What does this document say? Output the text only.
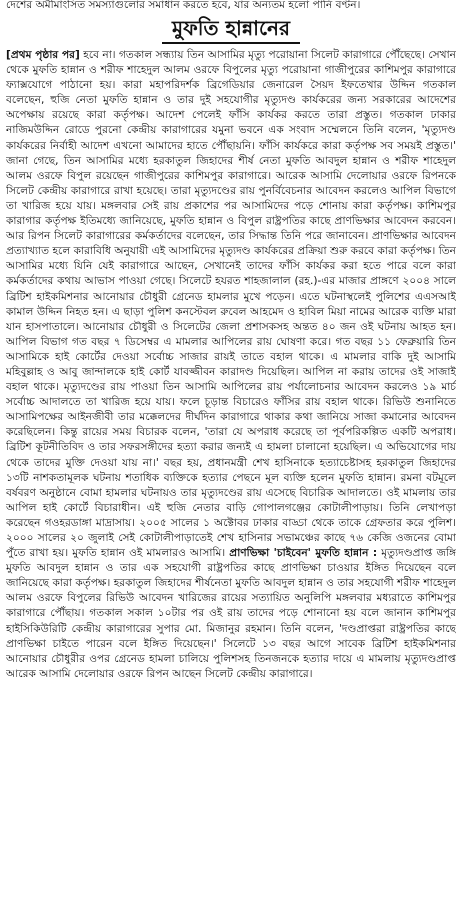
দেশের অমীমাংসিত সমস্যাগুলোর সমাধান করতে হবে, যার অন্যতম হলো পানি বণ্টন।
মুফতি হান্নানের

[প্রথম পৃষ্ঠার পর] হবে না। গতকাল সন্ধ্যায় তিন আসামির মৃত্যু পরোয়ানা সিলেট কারাগারে পৌঁছেছে। সেখান থেকে মুফতি হান্নান ও শরীফ শাহেদুল আলম ওরফে বিপুলের মৃত্যু পরোয়ানা গাজীপুরের কাশিমপুর কারাগারে ফ্যাক্সযোগে পাঠানো হয়। কারা মহাপরিদর্শক ব্রিগেডিয়ার জেনারেল সৈয়দ ইফতেখার উদ্দিন গতকাল বলেছেন, হুজি নেতা মুফতি হান্নান ও তার দুই সহযোগীর মৃত্যুদণ্ড কার্যকরের জন্য সরকারের আদেশের অপেক্ষায় রয়েছে কারা কর্তৃপক্ষ। আদেশ পেলেই ফাঁসি কার্যকর করতে তারা প্রস্তুত। গতকাল ঢাকার নাজিমউদ্দিন রোডে পুরনো কেন্দ্রীয় কারাগারের যমুনা ভবনে এক সংবাদ সম্মেলনে তিনি বলেন, 'মৃত্যুদণ্ড কার্যকরের নির্বাহী আদেশ এখনো আমাদের হাতে পৌঁছায়নি। ফাঁসি কার্যকরে কারা কর্তৃপক্ষ সব সময়ই প্রস্তুত।' জানা গেছে, তিন আসামির মধ্যে হরকাতুল জিহাদের শীর্ষ নেতা মুফতি আবদুল হান্নান ও শরীফ শাহেদুল আলম ওরফে বিপুল রয়েছেন গাজীপুরের কাশিমপুর কারাগারে। আরেক আসামি দেলোয়ার ওরফে রিপনকে সিলেট কেন্দ্রীয় কারাগারে রাখা হয়েছে। তারা মৃত্যুদণ্ডের রায় পুনর্বিবেচনার আবেদন করলেও আপিল বিভাগে তা খারিজ হয়ে যায়। মঙ্গলবার সেই রায় প্রকাশের পর আসামিদের পড়ে শোনায় কারা কর্তৃপক্ষ। কাশিমপুর কারাগার কর্তৃপক্ষ ইতিমধ্যে জানিয়েছে, মুফতি হান্নান ও বিপুল রাষ্ট্রপতির কাছে প্রাণভিক্ষার আবেদন করবেন। আর রিপন সিলেট কারাগারের কর্মকর্তাদের বলেছেন, তার সিদ্ধান্ত তিনি পরে জানাবেন। প্রাণভিক্ষার আবেদন প্রত্যাখ্যাত হলে কারাবিধি অনুযায়ী এই আসামিদের মৃত্যুদণ্ড কার্যকরের প্রক্রিয়া শুরু করবে কারা কর্তৃপক্ষ। তিন আসামির মধ্যে যিনি যেই কারাগারে আছেন, সেখানেই তাদের ফাঁসি কার্যকর করা হতে পারে বলে কারা কর্মকর্তাদের কথায় আভাস পাওয়া গেছে। সিলেটে হযরত শাহজালাল (রহ.)-এর মাজার প্রাঙ্গণে ২০০৪ সালে ব্রিটিশ হাইকমিশনার আনোয়ার চৌধুরী গ্রেনেড হামলার মুখে পড়েন। এতে ঘটনাস্থলেই পুলিশের এএসআই কামাল উদ্দিন নিহত হন। এ ছাড়া পুলিশ কনস্টেবল রুবেল আহমেদ ও হাবিল মিয়া নামের আরেক ব্যক্তি মারা যান হাসপাতালে। আনোয়ার চৌধুরী ও সিলেটের জেলা প্রশাসকসহ অন্তত ৪০ জন ওই ঘটনায় আহত হন। আপিল বিভাগ গত বছর ৭ ডিসেম্বর এ মামলার আপিলের রায় ঘোষণা করে। গত বছর ১১ ফেব্রুয়ারি তিন আসামিকে হাই কোর্টের দেওয়া সর্বোচ্চ সাজার রায়ই তাতে বহাল থাকে। এ মামলার বাকি দুই আসামি মহিবুল্লাহ ও আবু জান্দালকে হাই কোর্ট যাবজ্জীবন কারাদণ্ড দিয়েছিল। আপিল না করায় তাদের ওই সাজাই বহাল থাকে। মৃত্যুদণ্ডের রায় পাওয়া তিন আসামি আপিলের রায় পর্যালোচনার আবেদন করলেও ১৯ মার্চ সর্বোচ্চ আদালতে তা খারিজ হয়ে যায়। ফলে চূড়ান্ত বিচারেও ফাঁসির রায় বহাল থাকে। রিভিউ শুনানিতে আসামিপক্ষের আইনজীবী তার মক্কেলদের দীর্ঘদিন কারাগারে থাকার কথা জানিয়ে সাজা কমানোর আবেদন করেছিলেন। কিন্তু রায়ের সময় বিচারক বলেন, 'তারা যে অপরাধ করেছে তা পূর্বপরিকল্পিত একটি অপরাধ। ব্রিটিশ কূটনীতিবিদ ও তার সফরসঙ্গীদের হত্যা করার জন্যই এ হামলা চালানো হয়েছিল। এ অভিযোগের দায় থেকে তাদের মুক্তি দেওয়া যায় না।' বছর হয়, প্রধানমন্ত্রী শেখ হাসিনাকে হত্যাচেষ্টাসহ হরকাতুল জিহাদের ১৩টি নাশকতামূলক ঘটনায় শতাধিক ব্যক্তিকে হত্যার পেছনে মূল ব্যক্তি হলেন মুফতি হান্নান। রমনা বটমূলে বর্ষবরণ অনুষ্ঠানে বোমা হামলার ঘটনায়ও তার মৃত্যুদণ্ডের রায় এসেছে বিচারিক আদালতে। ওই মামলায় তার আপিল হাই কোর্টে বিচারাধীন। এই হুজি নেতার বাড়ি গোপালগঞ্জের কোটালীপাড়ায়। তিনি লেখাপড়া করেছেন গওহরডাঙ্গা মাদ্রাসায়। ২০০৫ সালের ১ অক্টোবর ঢাকার বাড্ডা থেকে তাকে গ্রেফতার করে পুলিশ। ২০০০ সালের ২০ জুলাই সেই কোটালীপাড়াতেই শেখ হাসিনার সভামঞ্চের কাছে ৭৬ কেজি ওজনের বোমা পুঁতে রাখা হয়। মুফতি হান্নান ওই মামলারও আসামি। প্রাণভিক্ষা 'চাইবেন' মুফতি হান্নান : মৃত্যুদণ্ডপ্রাপ্ত জঙ্গি মুফতি আবদুল হান্নান ও তার এক সহযোগী রাষ্ট্রপতির কাছে প্রাণভিক্ষা চাওয়ার ইঙ্গিত দিয়েছেন বলে জানিয়েছে কারা কর্তৃপক্ষ। হরকাতুল জিহাদের শীর্ষনেতা মুফতি আবদুল হান্নান ও তার সহযোগী শরীফ শাহেদুল আলম ওরফে বিপুলের রিভিউ আবেদন খারিজের রায়ের সত্যায়িত অনুলিপি মঙ্গলবার মধ্যরাতে কাশিমপুর কারাগারে পৌঁছায়। গতকাল সকাল ১০টার পর ওই রায় তাদের পড়ে শোনানো হয় বলে জানান কাশিমপুর হাইসিকিউরিটি কেন্দ্রীয় কারাগারের সুপার মো. মিজানুর রহমান। তিনি বলেন, 'দণ্ডপ্রাপ্তরা রাষ্ট্রপতির কাছে প্রাণভিক্ষা চাইতে পারেন বলে ইঙ্গিত দিয়েছেন।' সিলেটে ১৩ বছর আগে সাবেক ব্রিটিশ হাইকমিশনার আনোয়ার চৌধুরীর ওপর গ্রেনেড হামলা চালিয়ে পুলিশসহ তিনজনকে হত্যার দায়ে এ মামলায় মৃত্যুদণ্ডপ্রাপ্ত আরেক আসামি দেলোয়ার ওরফে রিপন আছেন সিলেট কেন্দ্রীয় কারাগারে।
